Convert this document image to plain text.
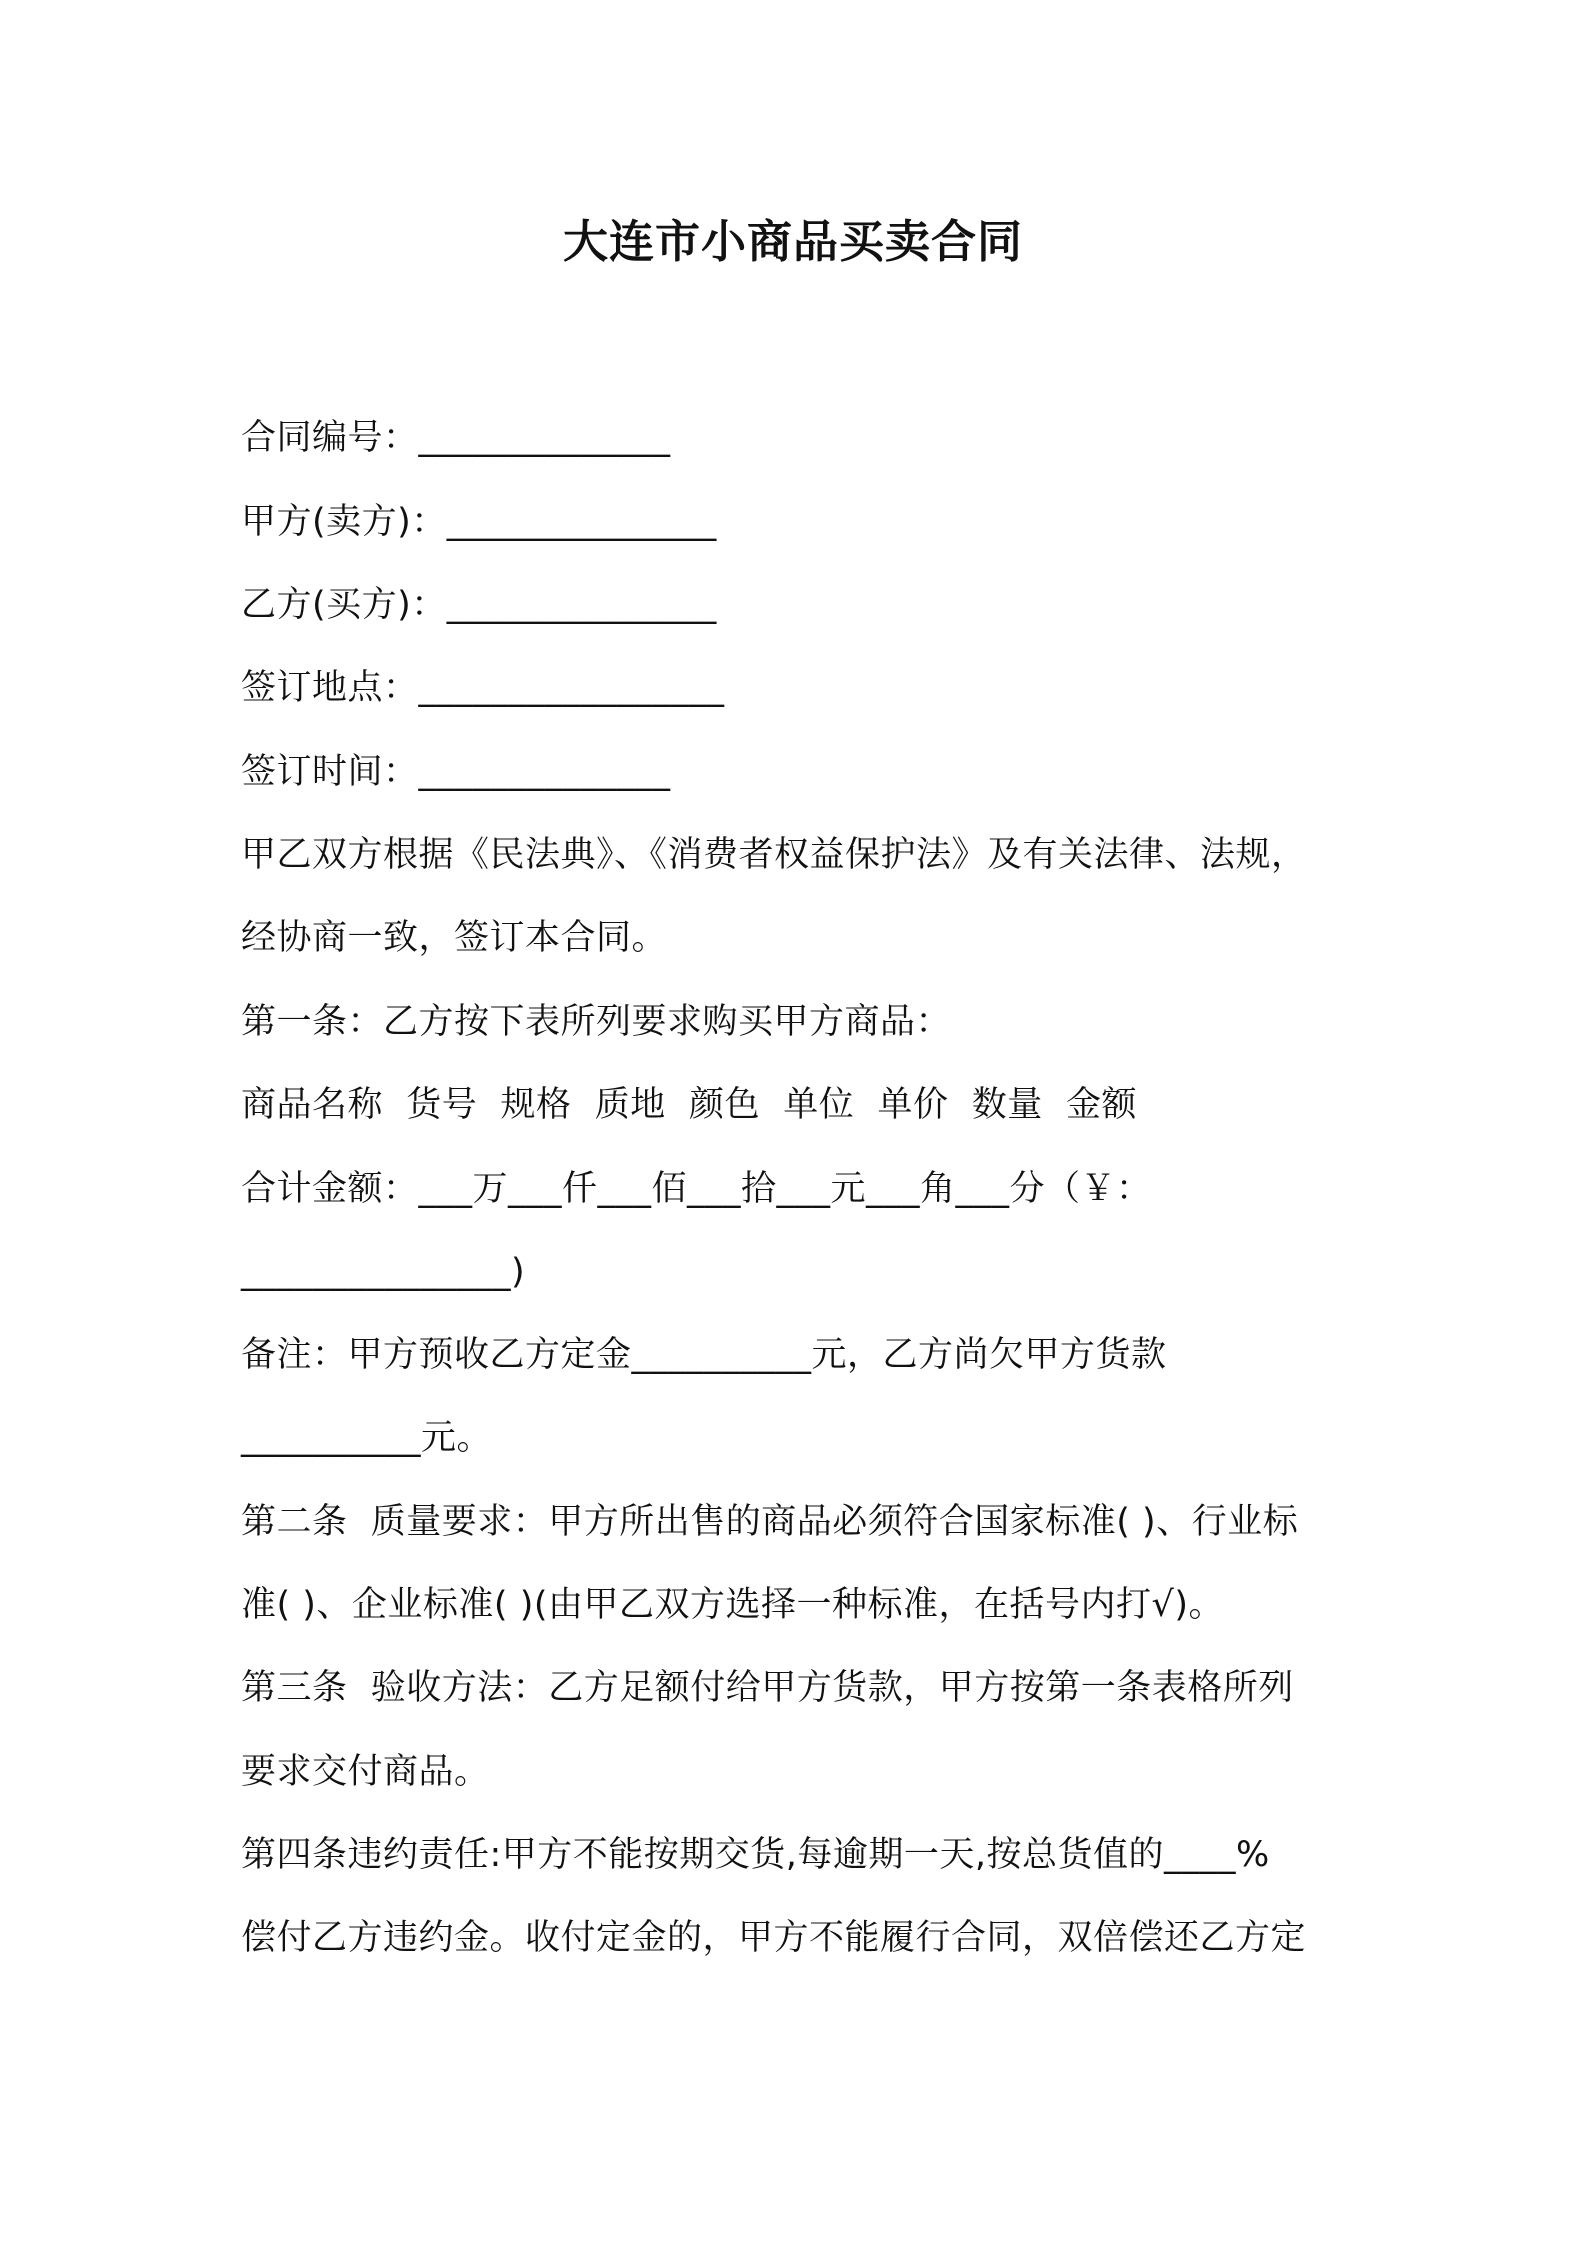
大连市小商品买卖合同
合同编号：______________
甲方(卖方)：_______________
乙方(买方)：_______________
签订地点：_________________
签订时间：______________
甲乙双方根据《民法典》、《消费者权益保护法》及有关法律、法规，
经协商一致，签订本合同。
第一条：乙方按下表所列要求购买甲方商品：
商品名称  货号  规格  质地  颜色  单位  单价  数量  金额
合计金额：___万___仟___佰___拾___元___角___分（￥：
_______________)
备注：甲方预收乙方定金__________元，乙方尚欠甲方货款
__________元。
第二条  质量要求：甲方所出售的商品必须符合国家标准( )、行业标
准( )、企业标准( )(由甲乙双方选择一种标准，在括号内打√)。
第三条  验收方法：乙方足额付给甲方货款，甲方按第一条表格所列
要求交付商品。
第四条违约责任:甲方不能按期交货,每逾期一天,按总货值的____%
偿付乙方违约金。收付定金的，甲方不能履行合同，双倍偿还乙方定
